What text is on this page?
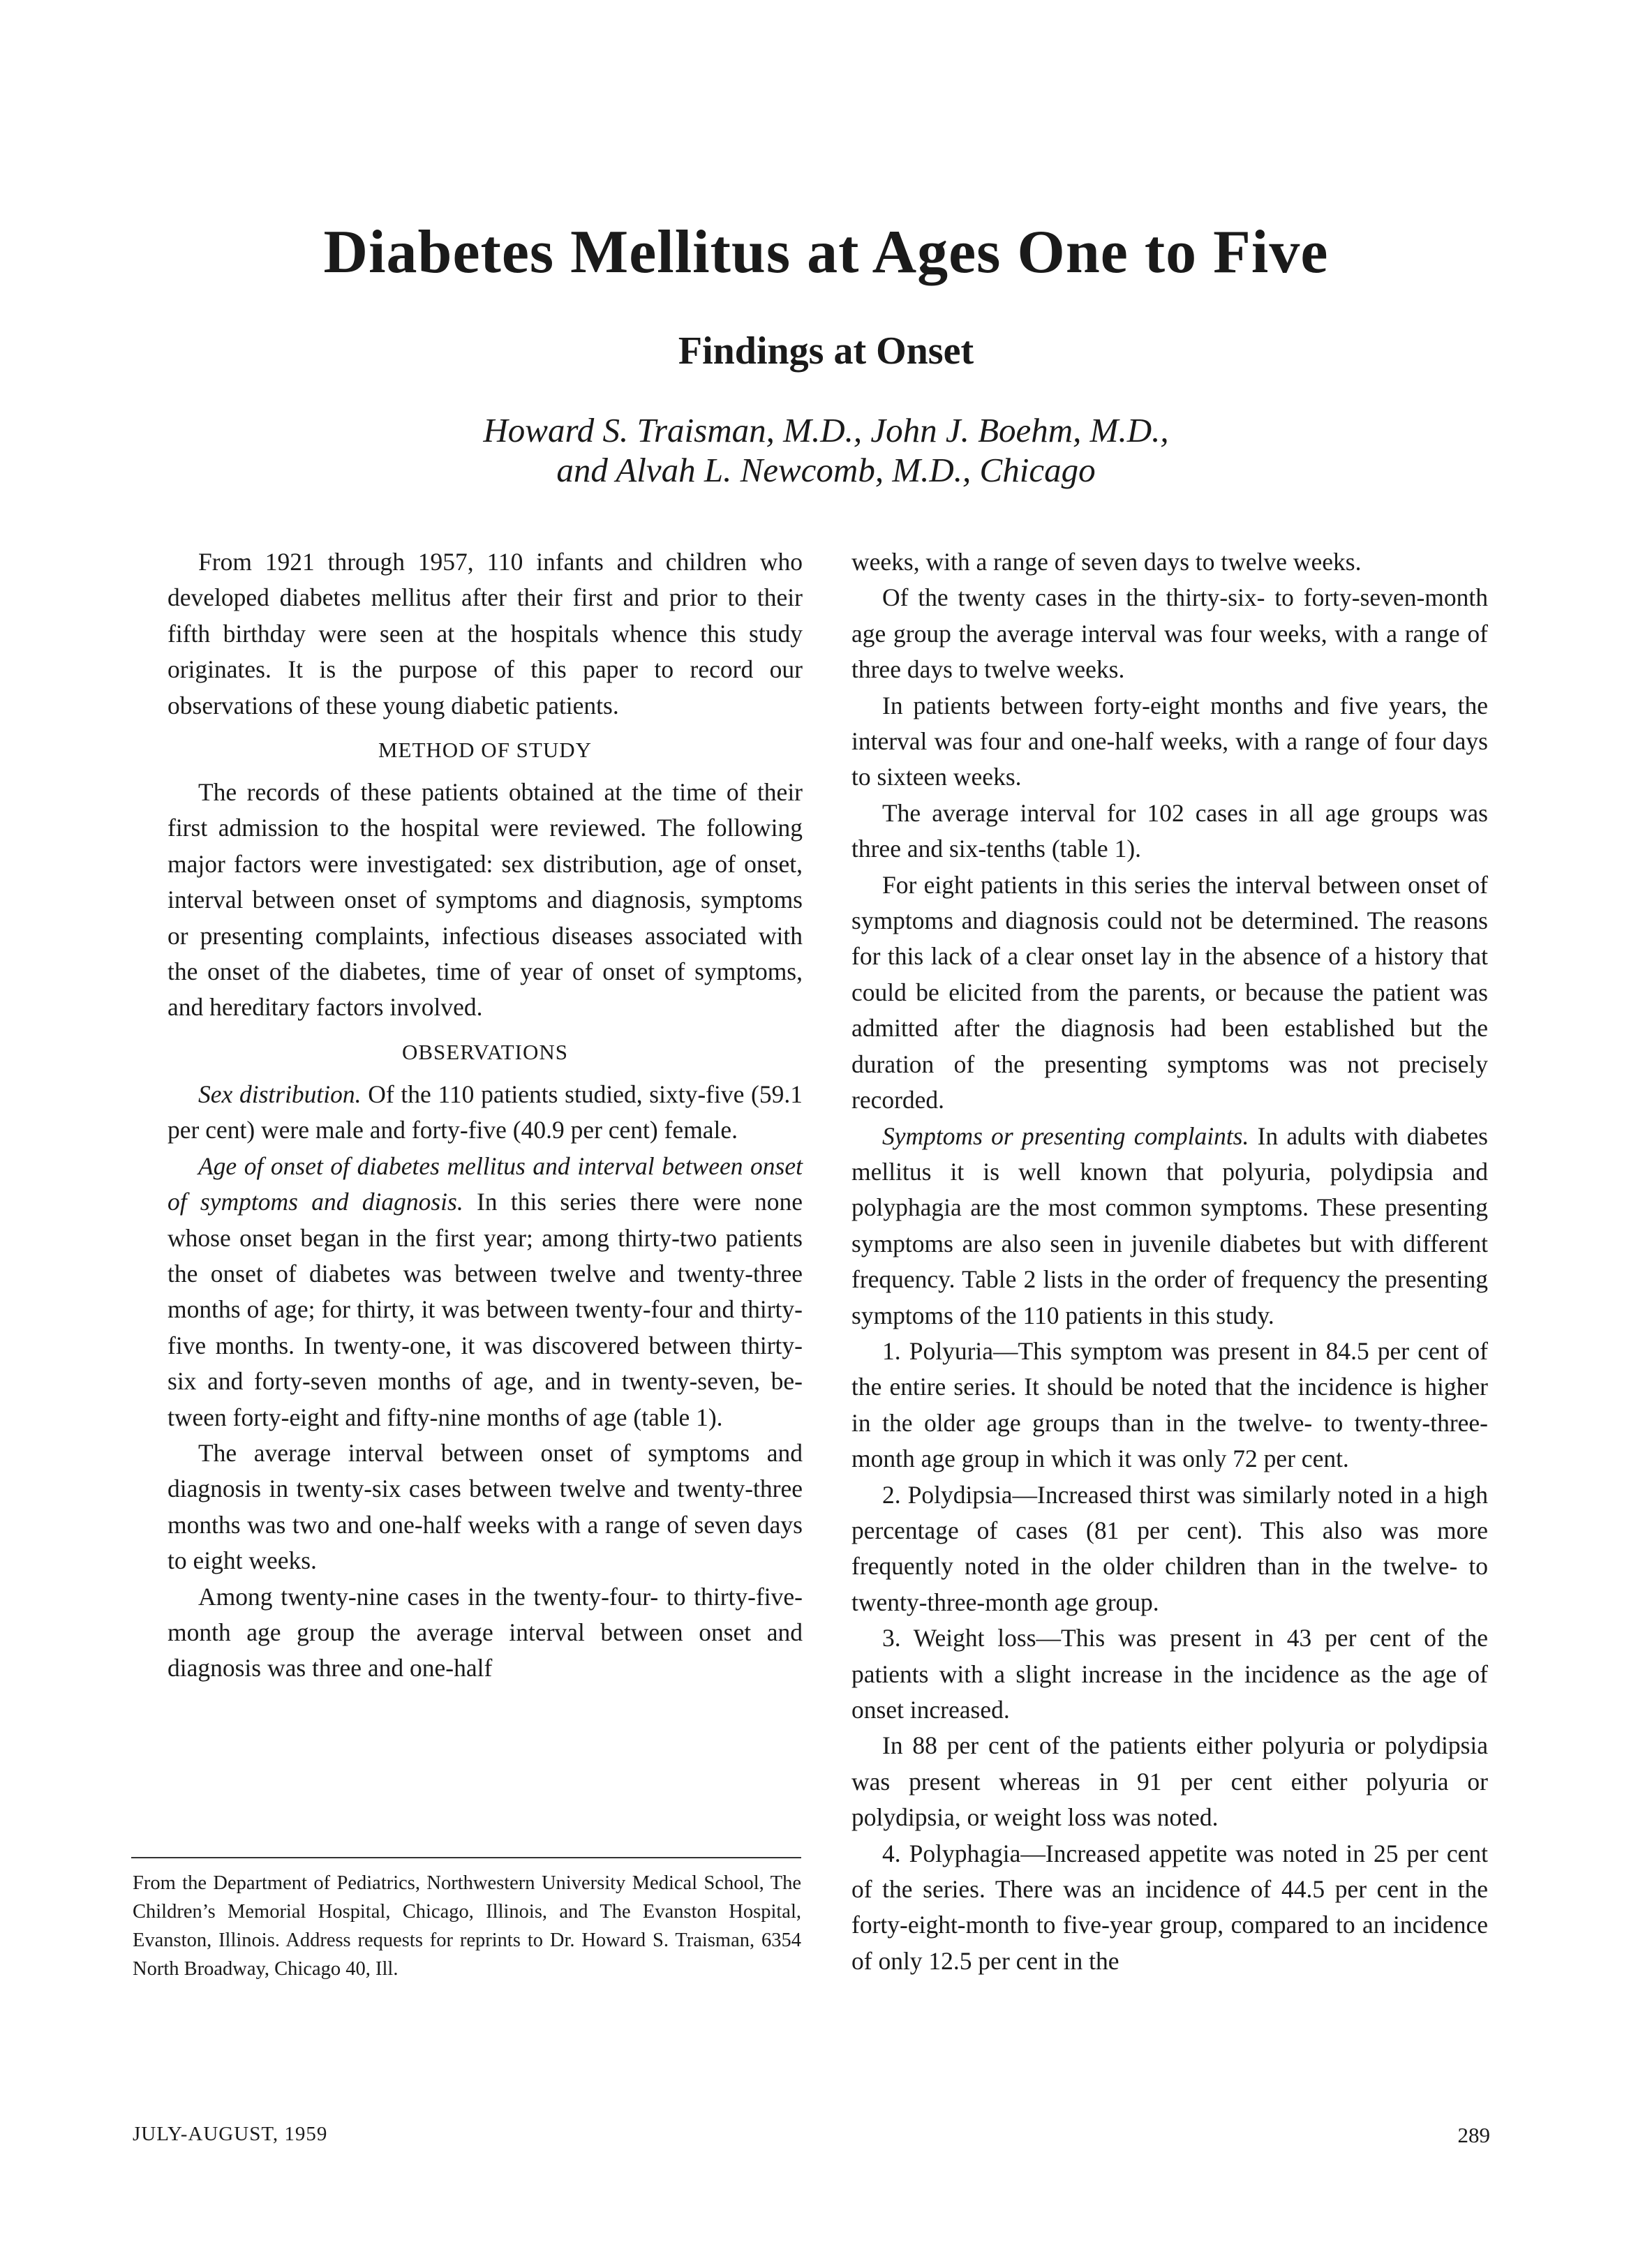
Diabetes Mellitus at Ages One to Five
Findings at Onset
Howard S. Traisman, M.D., John J. Boehm, M.D.,
and Alvah L. Newcomb, M.D., Chicago

From 1921 through 1957, 110 infants and children who developed diabetes mellitus after their first and prior to their fifth birthday were seen at the hospitals whence this study originates. It is the purpose of this paper to record our observations of these young diabetic patients.

METHOD OF STUDY

The records of these patients obtained at the time of their first admission to the hospital were reviewed. The following major factors were investigated: sex distribution, age of onset, interval between onset of symptoms and diagnosis, symptoms or presenting complaints, infectious diseases associated with the onset of the diabetes, time of year of onset of symptoms, and hereditary factors involved.

OBSERVATIONS

Sex distribution. Of the 110 patients studied, sixty-five (59.1 per cent) were male and forty-five (40.9 per cent) female.

Age of onset of diabetes mellitus and interval between onset of symptoms and diagnosis. In this series there were none whose onset began in the first year; among thirty-two patients the onset of diabetes was between twelve and twenty-three months of age; for thirty, it was between twenty-four and thirty-five months. In twenty-one, it was discovered between thirty-six and forty-seven months of age, and in twenty-seven, between forty-eight and fifty-nine months of age (table 1).

The average interval between onset of symptoms and diagnosis in twenty-six cases between twelve and twenty-three months was two and one-half weeks with a range of seven days to eight weeks.

Among twenty-nine cases in the twenty-four- to thirty-five-month age group the average interval between onset and diagnosis was three and one-half

weeks, with a range of seven days to twelve weeks.

Of the twenty cases in the thirty-six- to forty-seven-month age group the average interval was four weeks, with a range of three days to twelve weeks.

In patients between forty-eight months and five years, the interval was four and one-half weeks, with a range of four days to sixteen weeks.

The average interval for 102 cases in all age groups was three and six-tenths (table 1).

For eight patients in this series the interval between onset of symptoms and diagnosis could not be determined. The reasons for this lack of a clear onset lay in the absence of a history that could be elicited from the parents, or because the patient was admitted after the diagnosis had been established but the duration of the presenting symptoms was not precisely recorded.

Symptoms or presenting complaints. In adults with diabetes mellitus it is well known that polyuria, polydipsia and polyphagia are the most common symptoms. These presenting symptoms are also seen in juvenile diabetes but with different frequency. Table 2 lists in the order of frequency the presenting symptoms of the 110 patients in this study.

1. Polyuria—This symptom was present in 84.5 per cent of the entire series. It should be noted that the incidence is higher in the older age groups than in the twelve- to twenty-three-month age group in which it was only 72 per cent.

2. Polydipsia—Increased thirst was similarly noted in a high percentage of cases (81 per cent). This also was more frequently noted in the older children than in the twelve- to twenty-three-month age group.

3. Weight loss—This was present in 43 per cent of the patients with a slight increase in the incidence as the age of onset increased.

In 88 per cent of the patients either polyuria or polydipsia was present whereas in 91 per cent either polyuria or polydipsia, or weight loss was noted.

4. Polyphagia—Increased appetite was noted in 25 per cent of the series. There was an incidence of 44.5 per cent in the forty-eight-month to five-year group, compared to an incidence of only 12.5 per cent in the

From the Department of Pediatrics, Northwestern University Medical School, The Children’s Memorial Hospital, Chicago, Illinois, and The Evanston Hospital, Evanston, Illinois. Address requests for reprints to Dr. Howard S. Traisman, 6354 North Broadway, Chicago 40, Ill.
JULY-AUGUST, 1959	289
